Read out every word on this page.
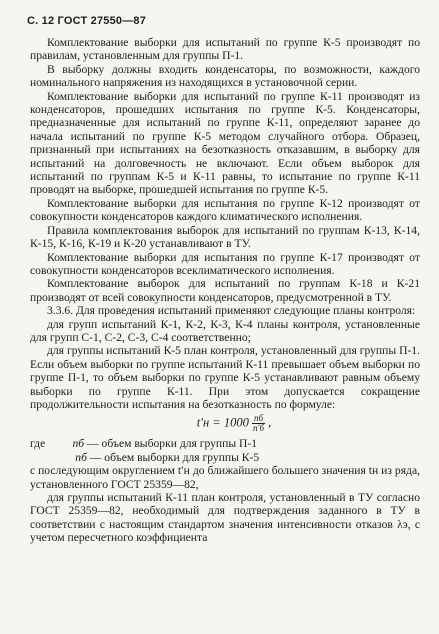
С. 12 ГОСТ 27550—87

Комплектование выборки для испытаний по группе К-5 производят по правилам, установленным для группы П-1.

В выборку должны входить конденсаторы, по возможности, каждого номинального напряжения из находящихся в установочной серии.

Комплектование выборки для испытаний по группе К-11 производят из конденсаторов, прошедших испытания по группе К-5. Конденсаторы, предназначенные для испытаний по группе К-11, определяют заранее до начала испытаний по группе К-5 методом случайного отбора. Образец, признанный при испытаниях на безотказность отказавшим, в выборку для испытаний на долговечность не включают. Если объем выборок для испытаний по группам К-5 и К-11 равны, то испытание по группе К-11 проводят на выборке, прошедшей испытания по группе К-5.

Комплектование выборки для испытания по группе К-12 производят от совокупности конденсаторов каждого климатического исполнения.

Правила комплектования выборок для испытаний по группам К-13, К-14, К-15, К-16, К-19 и К-20 устанавливают в ТУ.

Комплектование выборки для испытания по группе К-17 производят от совокупности конденсаторов всеклиматического исполнения.

Комплектование выборок для испытаний по группам К-18 и К-21 производят от всей совокупности конденсаторов, предусмотренной в ТУ.

3.3.6. Для проведения испытаний применяют следующие планы контроля:

для групп испытаний К-1, К-2, К-3, К-4 планы контроля, установленные для групп С-1, С-2, С-3, С-4 соответственно;

для группы испытаний К-5 план контроля, установленный для группы П-1. Если объем выборки по группе испытаний К-11 превышает объем выборки по группе П-1, то объем выборки по группе К-5 устанавливают равным объему выборки по группе К-11. При этом допускается сокращение продолжительности испытания на безотказность по формуле:

$t'н = 1000 \frac{nб}{n'б}$ ,

где nб — объем выборки для группы П-1

nб — объем выборки для группы К-5

с последующим округлением t′н до ближайшего большего значения tн из ряда, установленного ГОСТ 25359—82,

для группы испытаний К-11 план контроля, установленный в ТУ согласно ГОСТ 25359—82, необходимый для подтверждения заданного в ТУ в соответствии с настоящим стандартом значения интенсивности отказов λэ, с учетом пересчетного коэффициента
